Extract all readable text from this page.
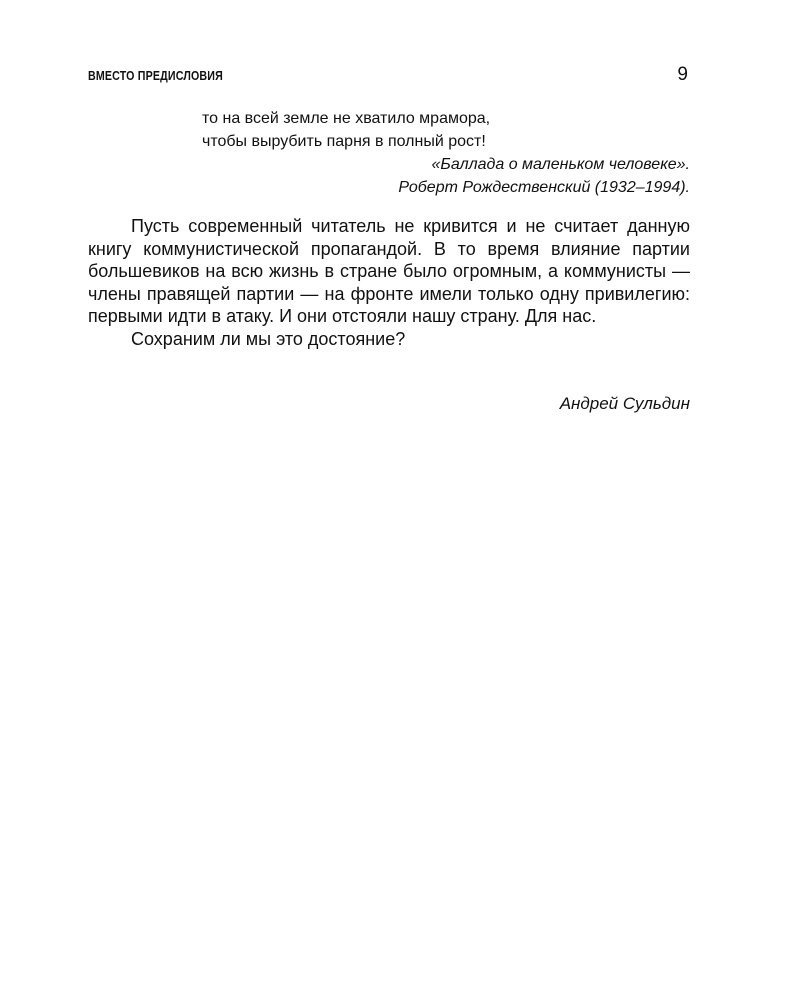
ВМЕСТО ПРЕДИСЛОВИЯ	9
то на всей земле не хватило мрамора,
чтобы вырубить парня в полный рост!
«Баллада о маленьком человеке».
Роберт Рождественский (1932–1994).

Пусть современный читатель не кривится и не считает данную книгу коммунистической пропагандой. В то время влияние партии большевиков на всю жизнь в стране было огромным, а коммунисты — члены правящей партии — на фронте имели только одну привилегию: первыми идти в атаку. И они отстояли нашу страну. Для нас.

Сохраним ли мы это достояние?

Андрей Сульдин
